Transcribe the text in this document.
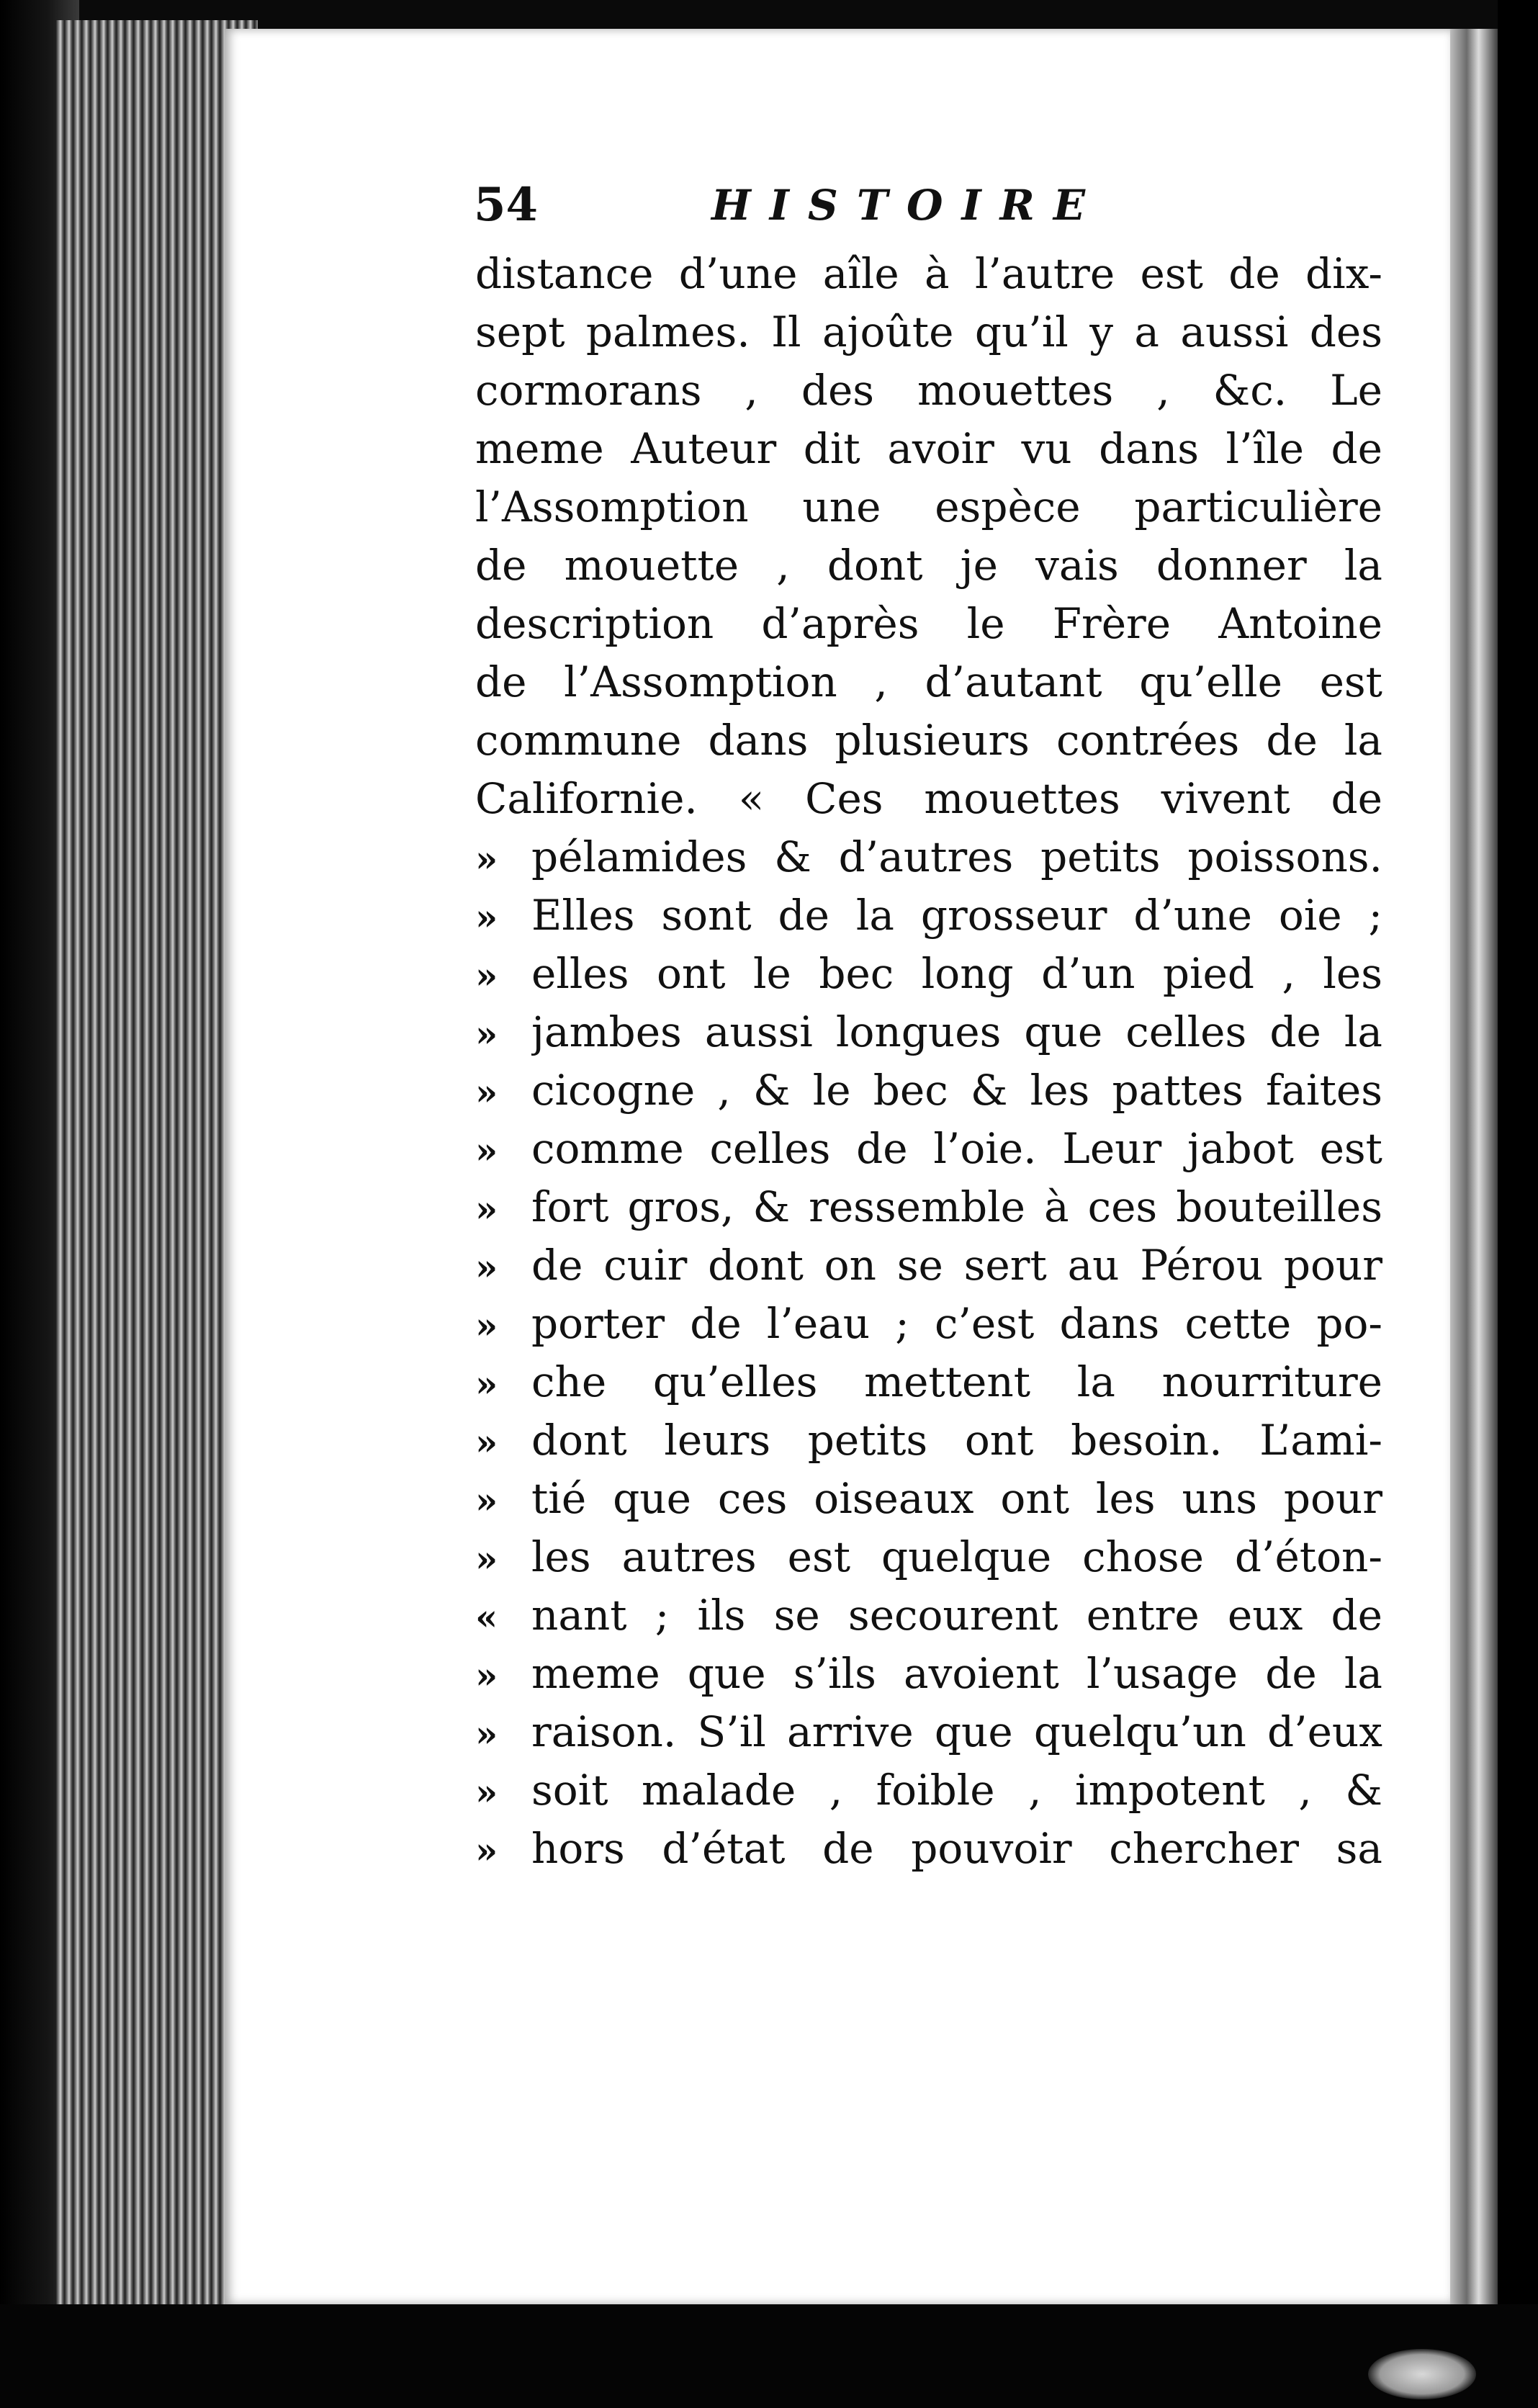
54	HISTOIRE
distance d’une aîle à l’autre est de dix-
sept palmes. Il ajoûte qu’il y a aussi des
cormorans , des mouettes , &c. Le
meme Auteur dit avoir vu dans l’île de
l’Assomption une espèce particulière
de mouette , dont je vais donner la
description d’après le Frère Antoine
de l’Assomption , d’autant qu’elle est
commune dans plusieurs contrées de la
Californie. « Ces mouettes vivent de
» pélamides & d’autres petits poissons.
» Elles sont de la grosseur d’une oie ;
» elles ont le bec long d’un pied , les
» jambes aussi longues que celles de la
» cicogne , & le bec & les pattes faites
» comme celles de l’oie. Leur jabot est
» fort gros, & ressemble à ces bouteilles
» de cuir dont on se sert au Pérou pour
» porter de l’eau ; c’est dans cette po-
» che qu’elles mettent la nourriture
» dont leurs petits ont besoin. L’ami-
» tié que ces oiseaux ont les uns pour
» les autres est quelque chose d’éton-
« nant ; ils se secourent entre eux de
» meme que s’ils avoient l’usage de la
» raison. S’il arrive que quelqu’un d’eux
» soit malade , foible , impotent , &
» hors d’état de pouvoir chercher sa
